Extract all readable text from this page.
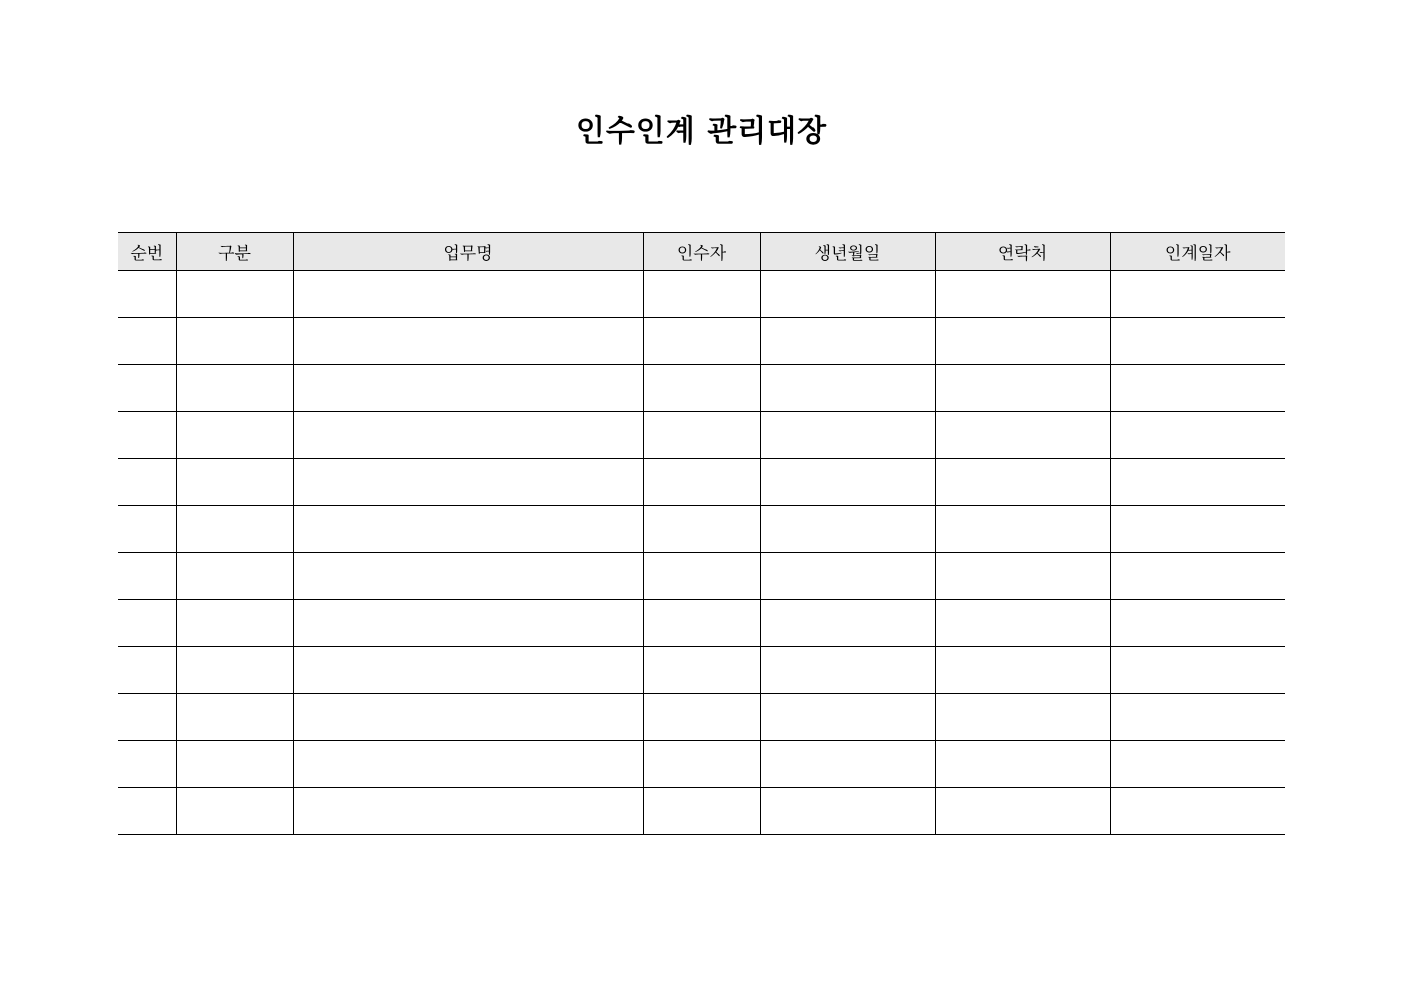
인수인계 관리대장
순번	구분	업무명	인수자	생년월일	연락처	인계일자
